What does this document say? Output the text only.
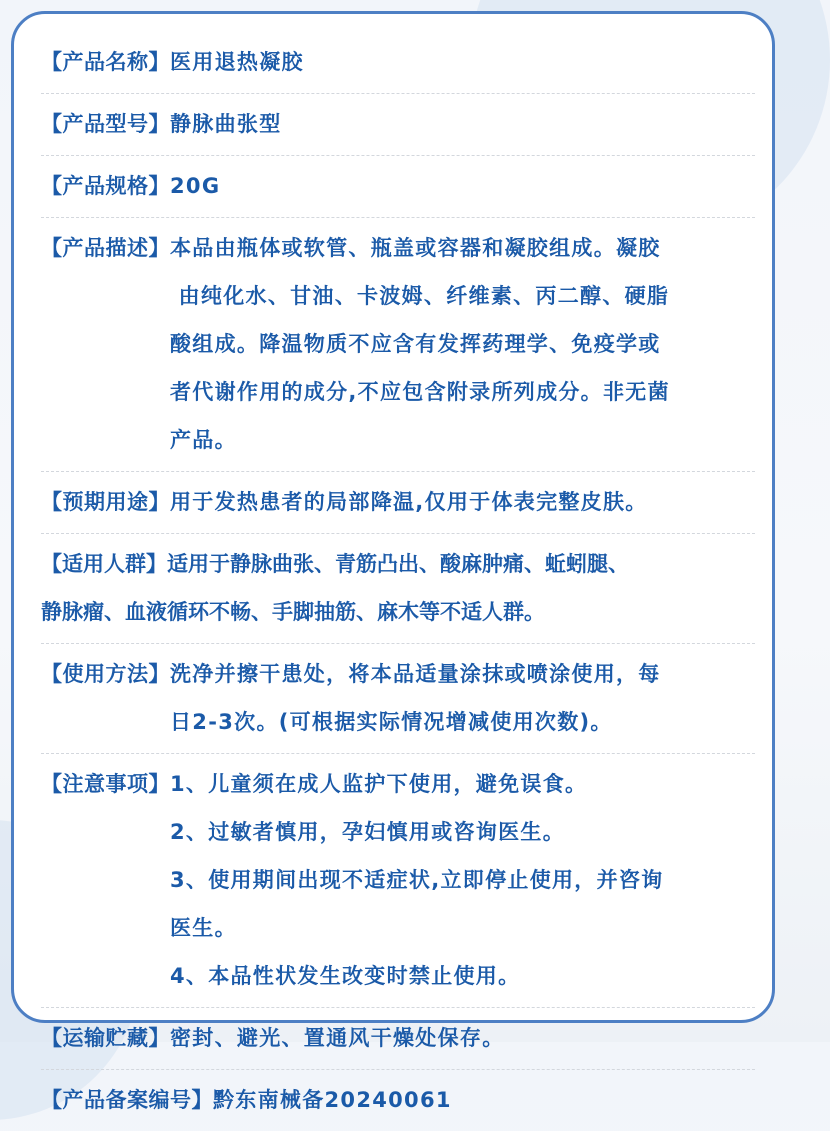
【产品名称】 医用退热凝胶
【产品型号】 静脉曲张型
【产品规格】 20G
【产品描述】 本品由瓶体或软管、瓶盖或容器和凝胶组成。凝胶
由纯化水、甘油、卡波姆、纤维素、丙二醇、硬脂
酸组成。降温物质不应含有发挥药理学、免疫学或
者代谢作用的成分,不应包含附录所列成分。非无菌
产品。
【预期用途】 用于发热患者的局部降温,仅用于体表完整皮肤。
【适用人群】适用于静脉曲张、青筋凸出、酸麻肿痛、蚯蚓腿、
静脉瘤、血液循环不畅、手脚抽筋、麻木等不适人群。
【使用方法】 洗净并擦干患处，将本品适量涂抹或喷涂使用，每
日2-3次。(可根据实际情况增减使用次数)。
【注意事项】 1、儿童须在成人监护下使用，避免误食。
2、过敏者慎用，孕妇慎用或咨询医生。
3、使用期间出现不适症状,立即停止使用，并咨询
医生。
4、本品性状发生改变时禁止使用。
【运输贮藏】 密封、避光、置通风干燥处保存。
【产品备案编号】 黔东南械备20240061
